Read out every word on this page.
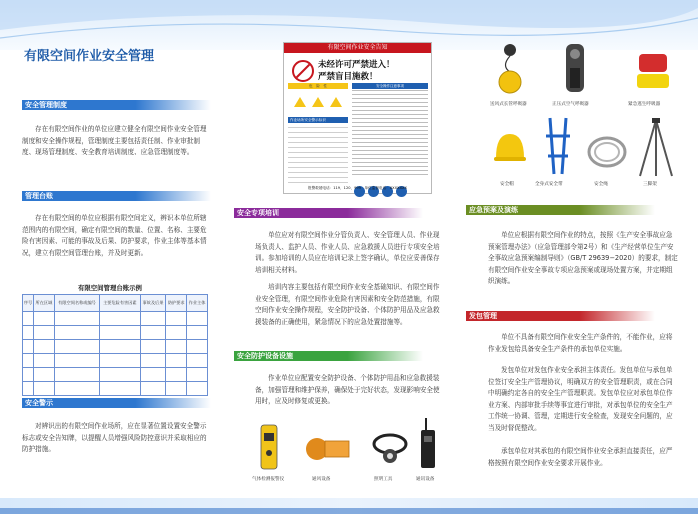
有限空间作业安全管理
安全管理制度

存在有限空间作业的单位应建立健全有限空间作业安全管理制度和安全操作规程，管理制度主要包括责任制、作业审批制度、现场管理制度、安全教育培训制度、应急管理制度等。

管理台账

存在有限空间的单位应根据有限空间定义，辨识本单位所辖范围内的有限空间，确定有限空间的数量、位置、名称、主要危险有害因素、可能的事故及后果、防护要求，作业主体等基本情况，建立有限空间管理台账，并及时更新。

有限空间管理台账示例
序号	所在区域	有限空间名称或编号	主要危险有害因素	事故及后果	防护要求	作业主体

安全警示

对辨识出的有限空间作业场所，应在显著位置设置安全警示标志或安全告知牌，以提醒人员增强风险防控意识并采取相应的防护措施。

有限空间作业安全告知
未经许可严禁进入！
严禁盲目施救！
危　险　性
作业场所安全警示标识
安全操作注意事项
报警救援电话：119、120、999　单位监督电话：XXXXXXX
安全专项培训

单位应对有限空间作业分管负责人、安全管理人员、作业现场负责人、监护人员、作业人员、应急救援人员进行专项安全培训。参加培训的人员应在培训记录上签字确认，单位应妥善保存培训相关材料。

培训内容主要包括有限空间作业安全基础知识、有限空间作业安全管理，有限空间作业危险有害因素和安全防范措施，有限空间作业安全操作规程，安全防护设备、个体防护用品及应急救援装备的正确使用，紧急情况下的应急处置措施等。

安全防护设备设施

作业单位应配置安全防护设备、个体防护用品和应急救援装备，加强管理和维护保养，确保处于完好状态，发现影响安全使用时，应及时修复或更换。

气体检测报警仪	通风设备	照明工具	通讯设备
送风式长管呼吸器	正压式空气呼吸器	紧急逃生呼吸器
安全帽	全身式安全带	安全绳	三脚架
应急预案及演练

单位应根据有限空间作业的特点，按照《生产安全事故应急预案管理办法》（应急管理部令第2号）和《生产经营单位生产安全事故应急预案编制导则》（GB/T 29639−2020）的要求，制定有限空间作业安全事故专项应急预案或现场处置方案，并定期组织演练。

发包管理

单位不具备有限空间作业安全生产条件的，不能作业，应将作业发包给具备安全生产条件的承包单位实施。

发包单位对发包作业安全承担主体责任。发包单位与承包单位签订安全生产管理协议，明确双方的安全管理职责，或在合同中明确约定各自的安全生产管理职责。发包单位应对承包单位作业方案、内部审批手续等事宜进行审批，对承包单位的安全生产工作统一协调、管理，定期进行安全检查，发现安全问题的，应当及时督促整改。

承包单位对其承包的有限空间作业安全承担直接责任，应严格按照有限空间作业安全要求开展作业。
